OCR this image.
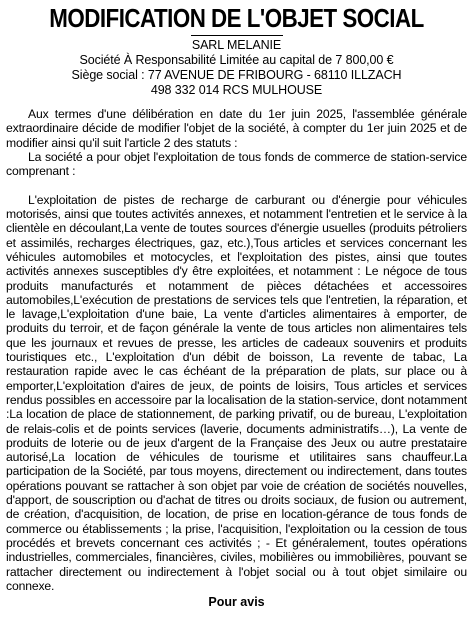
MODIFICATION DE L'OBJET SOCIAL
SARL MELANIE
Société À Responsabilité Limitée au capital de 7 800,00 €
Siège social : 77 AVENUE DE FRIBOURG - 68110 ILLZACH
498 332 014 RCS MULHOUSE

Aux termes d'une délibération en date du 1er juin 2025, l'assemblée générale extraordinaire décide de modifier l'objet de la société, à compter du 1er juin 2025 et de modifier ainsi qu'il suit l'article 2 des statuts :

La société a pour objet l'exploitation de tous fonds de commerce de station-service comprenant :

L'exploitation de pistes de recharge de carburant ou d'énergie pour véhicules motorisés, ainsi que toutes activités annexes, et notamment l'entretien et le service à la clientèle en découlant,La vente de toutes sources d'énergie usuelles (produits pétroliers et assimilés, recharges électriques, gaz, etc.),Tous articles et services concernant les véhicules automobiles et motocycles, et l'exploitation des pistes, ainsi que toutes activités annexes susceptibles d'y être exploitées, et notamment : Le négoce de tous produits manufacturés et notamment de pièces détachées et accessoires automobiles,L'exécution de prestations de services tels que l'entretien, la réparation, et le lavage,L'exploitation d'une baie, La vente d'articles alimentaires à emporter, de produits du terroir, et de façon générale la vente de tous articles non alimentaires tels que les journaux et revues de presse, les articles de cadeaux souvenirs et produits touristiques etc., L'exploitation d'un débit de boisson, La revente de tabac, La restauration rapide avec le cas échéant de la préparation de plats, sur place ou à emporter,L'exploitation d'aires de jeux, de points de loisirs, Tous articles et services rendus possibles en accessoire par la localisation de la station-service, dont notamment :La location de place de stationnement, de parking privatif, ou de bureau, L'exploitation de relais-colis et de points services (laverie, documents administratifs…), La vente de produits de loterie ou de jeux d'argent de la Française des Jeux ou autre prestataire autorisé,La location de véhicules de tourisme et utilitaires sans chauffeur.La participation de la Société, par tous moyens, directement ou indirectement, dans toutes opérations pouvant se rattacher à son objet par voie de création de sociétés nouvelles, d'apport, de souscription ou d'achat de titres ou droits sociaux, de fusion ou autrement, de création, d'acquisition, de location, de prise en location-gérance de tous fonds de commerce ou établissements ; la prise, l'acquisition, l'exploitation ou la cession de tous procédés et brevets concernant ces activités ; - Et généralement, toutes opérations industrielles, commerciales, financières, civiles, mobilières ou immobilières, pouvant se rattacher directement ou indirectement à l'objet social ou à tout objet similaire ou connexe.

Pour avis
